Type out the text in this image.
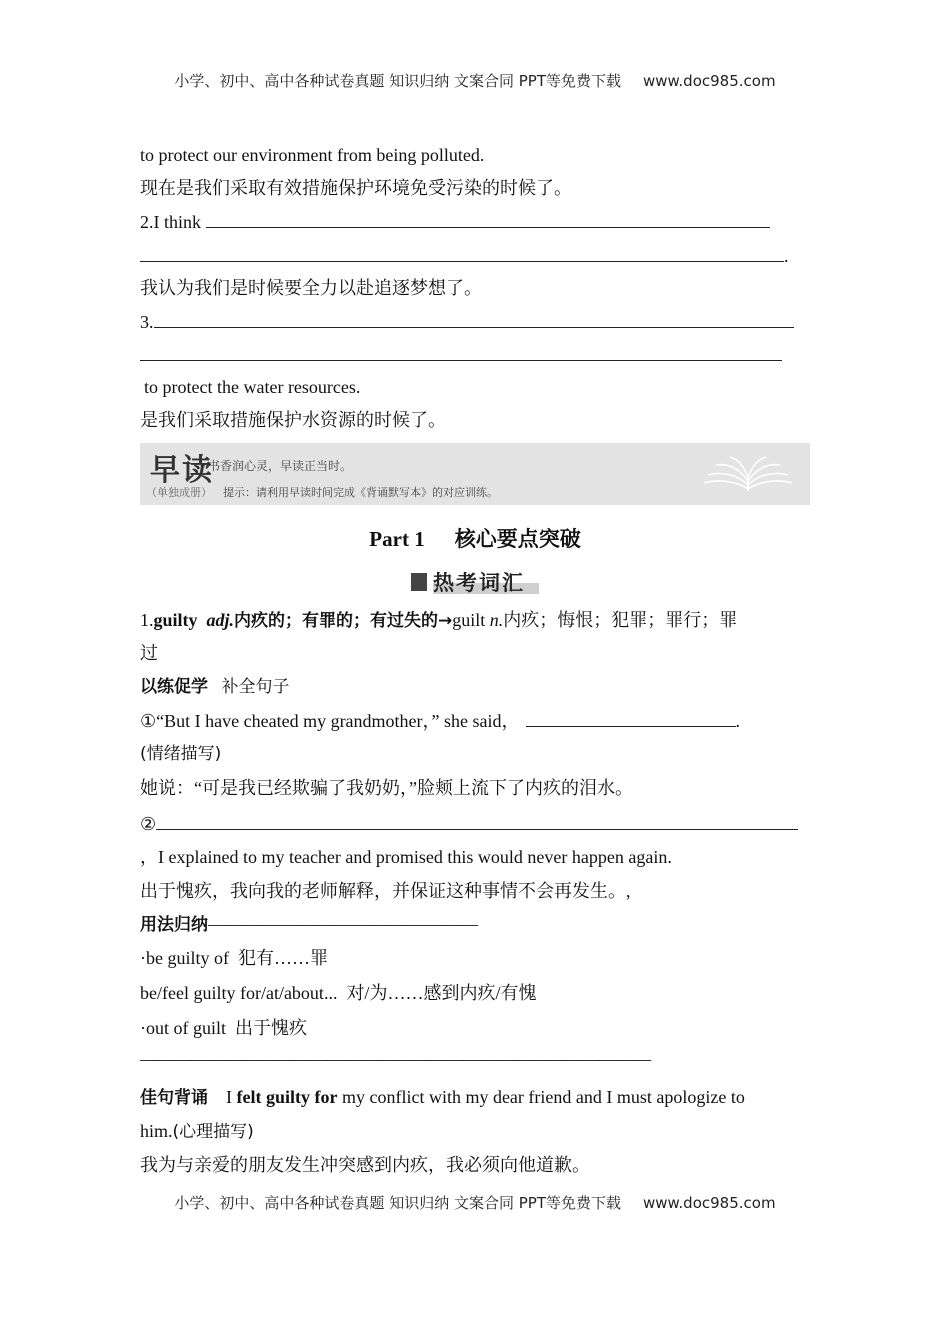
小学、初中、高中各种试卷真题 知识归纳 文案合同 PPT等免费下载 www.doc985.com
to protect our environment from being polluted.
现在是我们采取有效措施保护环境免受污染的时候了。
2.I think
.
我认为我们是时候要全力以赴追逐梦想了。
3.
to protect the water resources.
是我们采取措施保护水资源的时候了。
早读
书香润心灵，早读正当时。
（单独成册） 提示：请利用早读时间完成《背诵默写本》的对应训练。
Part 1 核心要点突破
热考词汇
1.guilty adj.内疚的；有罪的；有过失的→guilt n.内疚；悔恨；犯罪；罪行；罪
过
以练促学 补全句子
①“But I have cheated my grandmother，” she said，	.
(情绪描写)
她说：“可是我已经欺骗了我奶奶，”脸颊上流下了内疚的泪水。
②
，I explained to my teacher and promised this would never happen again.
出于愧疚，我向我的老师解释，并保证这种事情不会再发生。,
用法归纳———————————————
·be guilty of 犯有……罪
be/feel guilty for/at/about... 对/为……感到内疚/有愧
·out of guilt 出于愧疚
——————————————————————————————
佳句背诵 I felt guilty for my conflict with my dear friend and I must apologize to
him.(心理描写)
我为与亲爱的朋友发生冲突感到内疚，我必须向他道歉。
小学、初中、高中各种试卷真题 知识归纳 文案合同 PPT等免费下载 www.doc985.com
